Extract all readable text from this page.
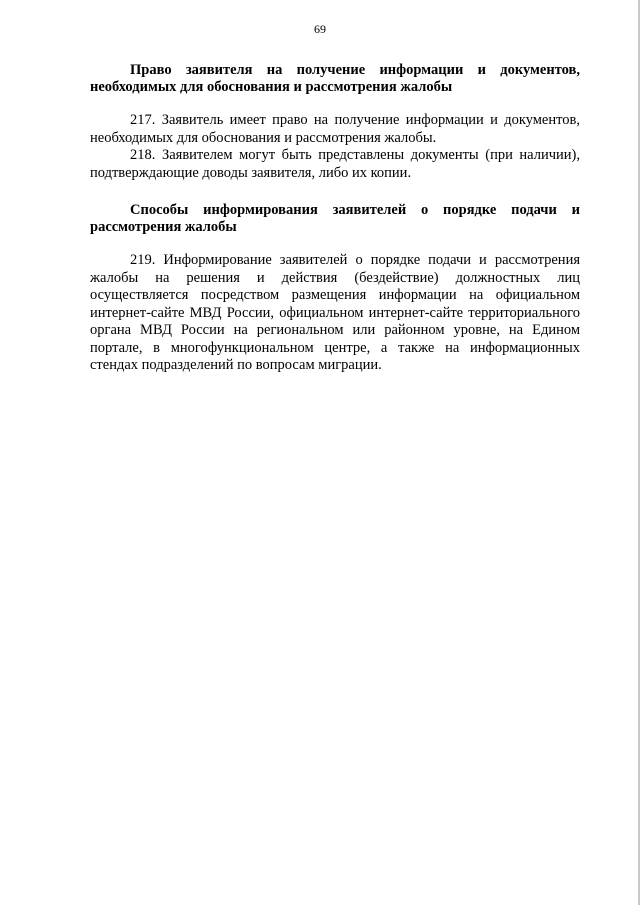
69
Право заявителя на получение информации и документов,
необходимых для обоснования и рассмотрения жалобы

217. Заявитель имеет право на получение информации и документов, необходимых для обоснования и рассмотрения жалобы.

218. Заявителем могут быть представлены документы (при наличии), подтверждающие доводы заявителя, либо их копии.

Способы информирования заявителей о порядке подачи и
рассмотрения жалобы

219. Информирование заявителей о порядке подачи и рассмотрения жалобы на решения и действия (бездействие) должностных лиц осуществляется посредством размещения информации на официальном интернет-сайте МВД России, официальном интернет-сайте территориального органа МВД России на региональном или районном уровне, на Едином портале, в многофункциональном центре, а также на информационных стендах подразделений по вопросам миграции.
